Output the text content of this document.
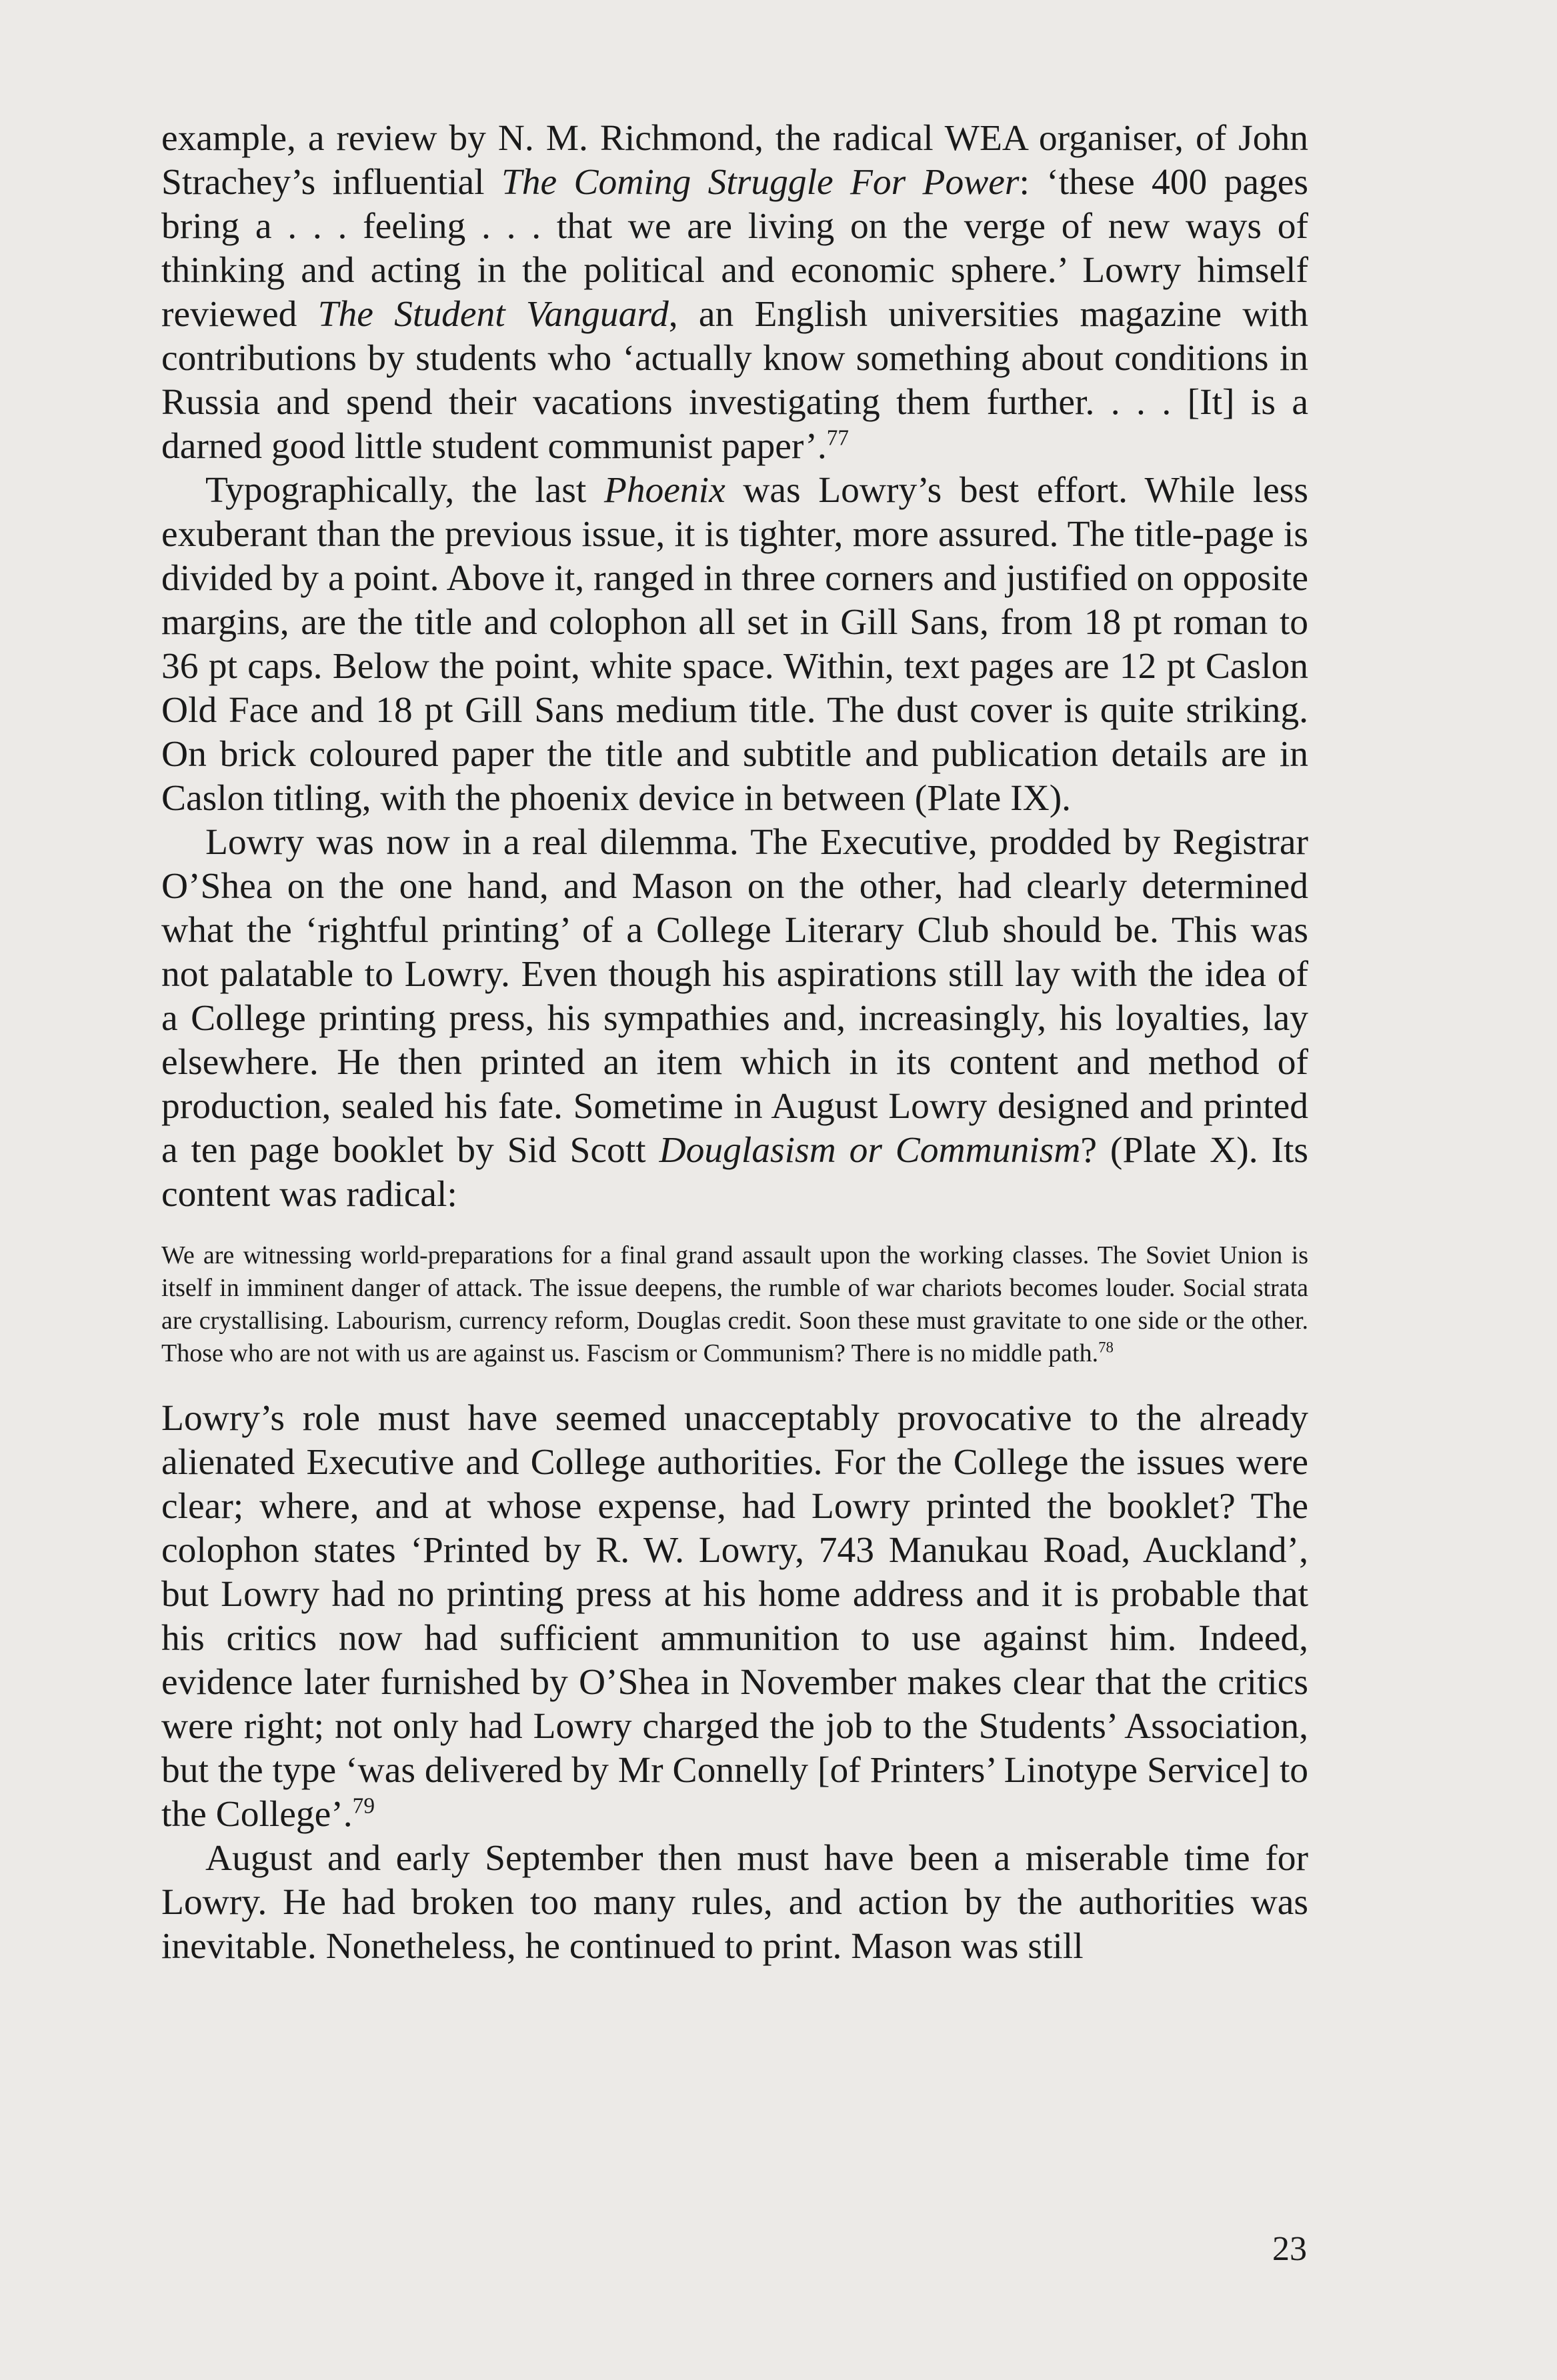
example, a review by N. M. Richmond, the radical WEA organiser, of John Strachey’s influential The Coming Struggle For Power: ‘these 400 pages bring a . . . feeling . . . that we are living on the verge of new ways of thinking and acting in the political and economic sphere.’ Lowry himself reviewed The Student Vanguard, an English universities magazine with contributions by students who ‘actually know something about conditions in Russia and spend their vacations investigating them further. . . . [It] is a darned good little student communist paper’.$^{77}$

Typographically, the last Phoenix was Lowry’s best effort. While less exuberant than the previous issue, it is tighter, more assured. The title-page is divided by a point. Above it, ranged in three corners and justified on opposite margins, are the title and colophon all set in Gill Sans, from 18 pt roman to 36 pt caps. Below the point, white space. Within, text pages are 12 pt Caslon Old Face and 18 pt Gill Sans medium title. The dust cover is quite striking. On brick coloured paper the title and subtitle and publication details are in Caslon titling, with the phoenix device in between (Plate IX).

Lowry was now in a real dilemma. The Executive, prodded by Registrar O’Shea on the one hand, and Mason on the other, had clearly determined what the ‘rightful printing’ of a College Literary Club should be. This was not palatable to Lowry. Even though his aspirations still lay with the idea of a College printing press, his sympathies and, increasingly, his loyalties, lay elsewhere. He then printed an item which in its content and method of production, sealed his fate. Sometime in August Lowry designed and printed a ten page booklet by Sid Scott Douglasism or Communism? (Plate X). Its content was radical:

We are witnessing world-preparations for a final grand assault upon the working classes. The Soviet Union is itself in imminent danger of attack. The issue deepens, the rumble of war chariots becomes louder. Social strata are crystallising. Labourism, currency reform, Douglas credit. Soon these must gravitate to one side or the other. Those who are not with us are against us. Fascism or Communism? There is no middle path.$^{78}$

Lowry’s role must have seemed unacceptably provocative to the already alienated Executive and College authorities. For the College the issues were clear; where, and at whose expense, had Lowry printed the booklet? The colophon states ‘Printed by R. W. Lowry, 743 Manukau Road, Auckland’, but Lowry had no printing press at his home address and it is probable that his critics now had sufficient ammunition to use against him. Indeed, evidence later furnished by O’Shea in November makes clear that the critics were right; not only had Lowry charged the job to the Students’ Association, but the type ‘was delivered by Mr Connelly [of Printers’ Linotype Service] to the College’.$^{79}$

August and early September then must have been a miserable time for Lowry. He had broken too many rules, and action by the authorities was inevitable. Nonetheless, he continued to print. Mason was still

23
